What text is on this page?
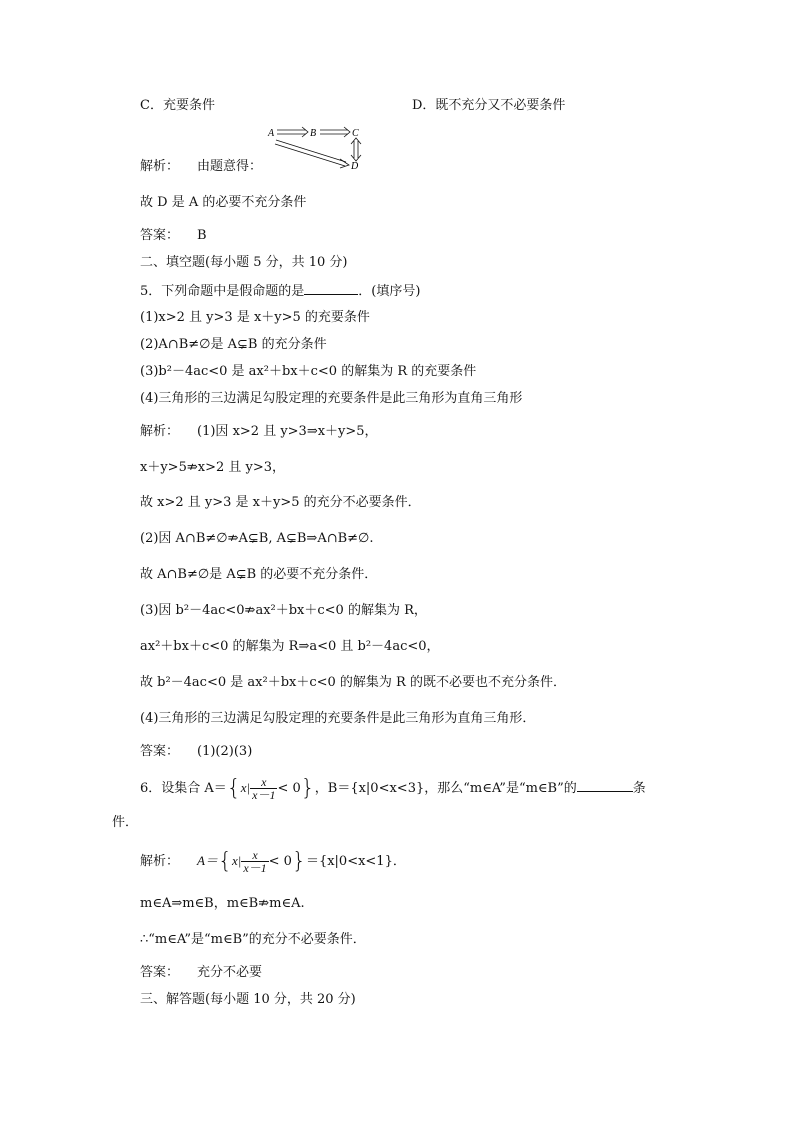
C．充要条件	D．既不充分又不必要条件
A	B	C
D
解析： 由题意得：
故 D 是 A 的必要不充分条件
答案： B
二、填空题(每小题 5 分，共 10 分)
5．下列命题中是假命题的是	．(填序号)
(1)x>2 且 y>3 是 x＋y>5 的充要条件
(2)A∩B≠∅是 A⊊B 的充分条件
(3)b²－4ac<0 是 ax²＋bx＋c<0 的解集为 R 的充要条件
(4)三角形的三边满足勾股定理的充要条件是此三角形为直角三角形
解析： (1)因 x>2 且 y>3⇒x＋y>5，
x＋y>5⇏x>2 且 y>3，
故 x>2 且 y>3 是 x＋y>5 的充分不必要条件．
(2)因 A∩B≠∅⇏A⊊B, A⊊B⇒A∩B≠∅.
故 A∩B≠∅是 A⊊B 的必要不充分条件．
(3)因 b²－4ac<0⇏ax²＋bx＋c<0 的解集为 R，
ax²＋bx＋c<0 的解集为 R⇒a<0 且 b²－4ac<0，
故 b²－4ac<0 是 ax²＋bx＋c<0 的解集为 R 的既不必要也不充分条件．
(4)三角形的三边满足勾股定理的充要条件是此三角形为直角三角形．
答案： (1)(2)(3)
6．设集合 $A=\{x| \frac{x}{x-1} < 0\}$，B＝{x|0<x<3}，那么“m∈A”是“m∈B”的	条
件．
解析： $A=\{x| \frac{x}{x-1} < 0\}=\{x|0<x<1\}$．
m∈A⇒m∈B，m∈B⇏m∈A.
∴“m∈A”是“m∈B”的充分不必要条件．
答案： 充分不必要
三、解答题(每小题 10 分，共 20 分)
